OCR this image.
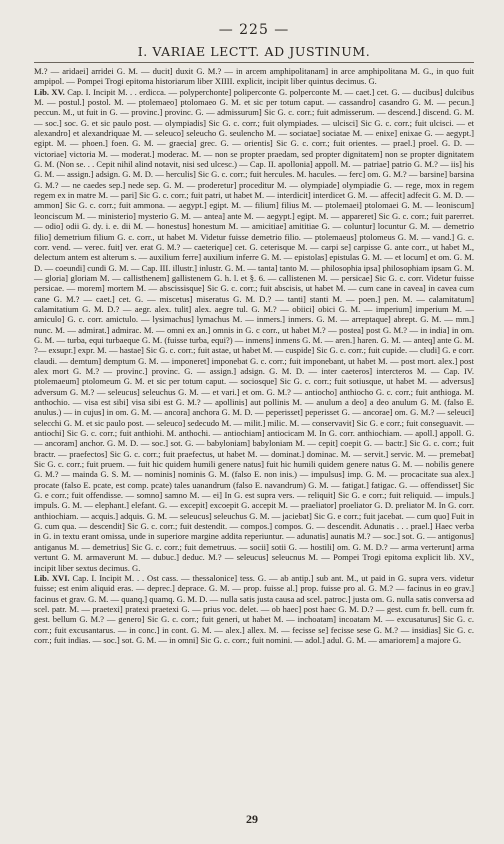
— 225 —
I. VARIAE LECTT. AD JUSTINUM.

M.? — aridaei] arridei G. M. — ducit] duxit G. M.? — in arcem amphipolitanam] in arce amphipolitana M. G., in quo fuit ampipol. — Pompei Trogi epitoma historiarum liber XIIII. explicit, incipit liber quintus decimus. G.

Lib. XV. Cap. I. Incipit M. . . erdicca. — polyperchonte] poliperconte G. polperconte M. — caet.] cet. G. — ducibus] dulcibus M. — postul.] postol. M. — ptolemaeo] ptolomaeo G. M. et sic per totum caput. — cassandro] casandro G. M. — pecun.] peccun. M., ut fuit in G. — provinc.] provinc. G. — admissurum] Sic G. c. corr.; fuit admisserum. — descend.] discend. G. M. — soc.] soc. G. et sic paulo post. — olympiadis] Sic G. c. corr.; fuit olympiades. — ulcisci] Sic G. c. corr.; fuit ulcisci. — et alexandro] et alexandriquae M. — seleuco] seleucho G. seulencho M. — sociatae] sociatae M. — enixe] enixae G. — aegypt.] egipt. M. — phoen.] foen. G. M. — graecia] grec. G. — orientis] Sic G. c. corr.; fuit orientes. — prael.] proel. G. D. — victoriae] victoria M. — moderat.] moderac. M. — non se propter praedam, sed propter dignitatem] non se propter dignitatem G. M. (Non se. . . Cepit nihil alind notavit, nisi sed ulcesc.) — Cap. II. apollonia] appoll. M. — patriae] patrio G. M.? — iis] his G. M. — assign.] adsign. G. M. D. — herculis] Sic G. c. corr.; fuit hercules. M. hacules. — ferc] om. G. M.? — barsine] barsina G. M.? — ne caedes sep.] nede sep. G. M. — proderetur] proceditur M. — olympiade] olympiadie G. — rege, mox in regem regem ex in matre M. — pari] Sic G. c. corr.; fuit patri, ut habet M. — interdicit] interdicet G. M. — affecit] adfecit G. M. D. — ammon] Sic G. c. corr.; fuit ammona. — aegypt.] egipt. M. — filium] filius M. — ptolemaei] ptolomaei G. M. — leoniscum] leonciscum M. — ministerio] mysterio G. M. — antea] ante M. — aegypt.] egipt. M. — appareret] Sic G. c. corr.; fuit parerret. — odio] odii G. dy. i. e. dii M. — honestus] honestum M. — amicitiae] amititiae G. — coluntur] locuntur G. M. — demetrio filio] demetrium filium G. c. corr., ut habet M. Videtur fuisse demetrio filio. — ptolemaeus] ptolomeus G. M. — vand.] G. c. corr. vend. — verec. fuit] ver. erat G. M.? — caeterique] cet. G. ceterisque M. — carpi se] carpisse G. ante corr., ut habet M., delectum antem est alterum s. — auxilium ferre] auxilium inferre G. M. — epistolas] epistulas G. M. — et locum] et om. G. M. D. — coeundi] cundi G. M. — Cap. III. illustr.] inlustr. G. M. — tanta] tanto M. — philosophia ipsa] philosophiam ipsam G. M. — gloria] gloriam M. — callisthenem] gallistenem G. h. l. et §. 6. — callistenen M. — persicae] Sic G. c. corr. Videtur fuisse persicae. — morem] mortem M. — abscissisque] Sic G. c. corr.; fuit abscisis, ut habet M. — cum cane in cavea] in cavea cum cane G. M.? — caet.] cet. G. — miscetus] miseratus G. M. D.? — tanti] stanti M. — poen.] pen. M. — calamitatum] calamitatium G. M. D.? — aegr. alex. tulit] alex. aegre tul. G. M.? — obiici] obici G. M. — imperium] imperium M. — amiculo] G. c. corr. amictulo. — lysimachus] lymachus M. — inmers.] inmers. G. M. — arreptaque] abrept. G. M. — mm.] nunc. M. — admirat.] admirac. M. — omni ex an.] omnis in G. c corr., ut habet M.? — postea] post G. M.? — in india] in om. G. M. — turba, equi turbaeque G. M. (fuisse turba, equi?) — inmens] inmens G. M. — aren.] haren. G. M. — anteq] ante G. M. ?— exsupr.] expr. M. — hastae] Sic G. c. corr.; fuit astae, ut habet M. — cuspide] Sic G. c. corr.; fuit cupide. — cludi] G. e corr. claudi. — demtum] demptum G. M. — imponeret] imponebat G. c. corr.; fuit imponebant, ut habet M. — post mort. alex.] post alex mort G. M.? — provinc.] provinc. G. — assign.] adsign. G. M. D. — inter caeteros] intercteros M. — Cap. IV. ptolemaeum] ptolomeum G. M. et sic per totum caput. — sociosque] Sic G. c. corr.; fuit sotiusque, ut habet M. — adversus] adversum G. M.? — seleucus] seleuchus G. M. — et vari.] et om. G. M.? — antiocho] anthiocho G. c. corr.; fuit anthioga. M. anthochio. — visa est sibi] visa sibi est G. M.? — apollinis] aut pollinis M. — anulum a deo] a deo anulum G. M. (falso E. anulus.) — in cujus] in om. G. M. — ancora] anchora G. M. D. — peperisset] peperisset G. — ancorae] om. G. M.? — seleuci] selecchi G. M. et sic paulo post. — seleuco] sedecudo M. — milit.] milic. M. — conservavit] Sic G. e corr.; fuit conseguavit. — antiochi] Sic G. c. corr.; fuit anthiohi. M. anthochi. — antiochiam] antiocicam M. In G. corr. anthiochiam. — apoll.] appoll. G. — ancoram] anchor. G. M. D. — soc.] sot. G. — babyloniam] babyloniam M. — cepit] coepit G. — bactr.] Sic G. c. corr.; fuit bractr. — praefectos] Sic G. c. corr.; fuit praefectus, ut habet M. — dominat.] dominac. M. — servit.] servic. M. — premebat] Sic G. c. corr.; fuit pruem. — fuit hic quidem humili genere natus] fuit hic humili quidem genere natus G. M. — nobilis genere G. M.? — mainda G. S. M. — nominis] nominis G. M. (falso E. non inis.) — impulsus] imp. G. M. — procacitate sua alex.] procate (falso E. pcate, est comp. pcate) tales uanandrum (falso E. navandrum) G. M. — fatigat.] fatigac. G. — offendisset] Sic G. e corr.; fuit offendisse. — somno] samno M. — ei] In G. est supra vers. — reliquit] Sic G. e corr.; fuit reliquid. — impuls.] impuls. G. M. — elephant.] elefant. G. — excepit] excoepit G. accepit M. — praeliator] proeliator G. D. preliator M. In G. corr. anthiochiam. — acquis.] adquis. G. M. — seleucus] seleuchus G. M. — jaciebat] Sic G. e corr.; fuit jacebat. — cum quo] Fuit in G. cum qua. — descendit] Sic G. c. corr.; fuit destendit. — compos.] compos. G. — descendit. Adunatis . . . prael.] Haec verba in G. in textu erant omissa, unde in superiore margine addita reperiuntur. — adunatis] aunatis M.? — soc.] sot. G. — antigonus] antiganus M. — demetrius] Sic G. c. corr.; fuit demetruus. — socii] sotii G. — hostili] om. G. M. D.? — arma verterunt] arma vertunt G. M. armaverunt M. — dubuc.] deduc. M.? — seleucus] seleucnus M. — Pompei Trogi epitoma explicit lib. XV., incipit liber sextus decimus. G.

Lib. XVI. Cap. I. Incipit M. . . Ost cass. — thessalonice] tess. G. — ab antip.] sub ant. M., ut paid in G. supra vers. videtur fuisse; est enim aliquid eras. — deprec.] deprace. G. M. — prop. fuisse al.] prop. fuisse pro al. G. M.? — facinus in eo grav.] facinus et grav. G. M. — quanq.] quamq. G. M. D. — nulla satis justa causa ad scel. patroc.] justa om. G. nulla satis conversa ad scel. patr. M. — praetexi] pratexi praetexi G. — prius voc. delet. — ob haec] post haec G. M. D.? — gest. cum fr. bell. cum fr. gest. bellum G. M.? — genero] Sic G. c. corr.; fuit generi, ut habet M. — inchoatam] incoatam M. — excusaturus] Sic G. c. corr.; fuit excusantarus. — in conc.] in cont. G. M. — alex.] allex. M. — fecisse se] fecisse sese G. M.? — insidias] Sic G. c. corr.; fuit indias. — soc.] sot. G. M. — in omni] Sic G. c. corr.; fuit nomini. — adol.] adul. G. M. — amariorem] a majore G.

29
